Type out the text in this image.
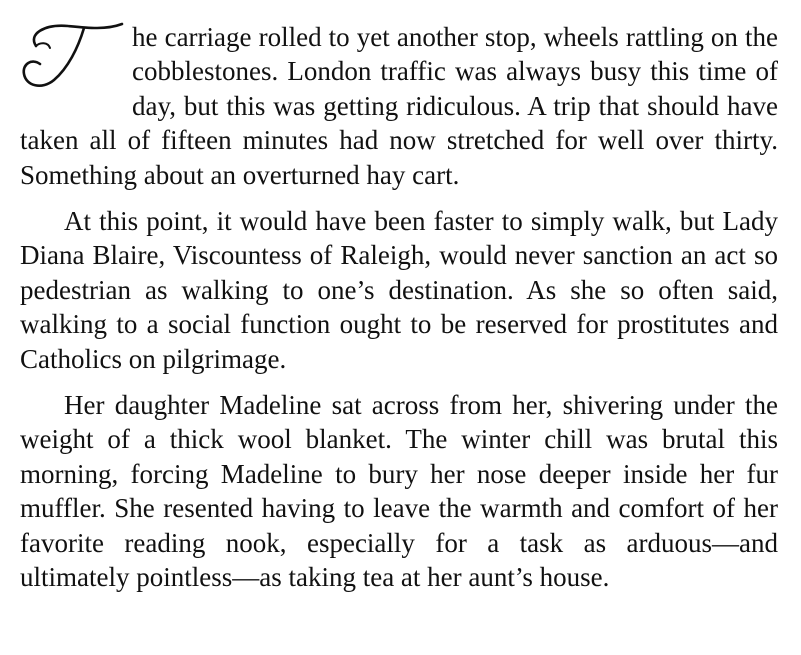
he carriage rolled to yet another stop, wheels rattling on the cobblestones. London traffic was always busy this time of day, but this was getting ridiculous. A trip that should have taken all of fifteen minutes had now stretched for well over thirty. Something about an overturned hay cart.

At this point, it would have been faster to simply walk, but Lady Diana Blaire, Viscountess of Raleigh, would never sanction an act so pedestrian as walking to one’s destination. As she so often said, walking to a social function ought to be reserved for prostitutes and Catholics on pilgrimage.

Her daughter Madeline sat across from her, shivering under the weight of a thick wool blanket. The winter chill was brutal this morning, forcing Madeline to bury her nose deeper inside her fur muffler. She resented having to leave the warmth and comfort of her favorite reading nook, especially for a task as arduous—and ultimately pointless—as taking tea at her aunt’s house.
